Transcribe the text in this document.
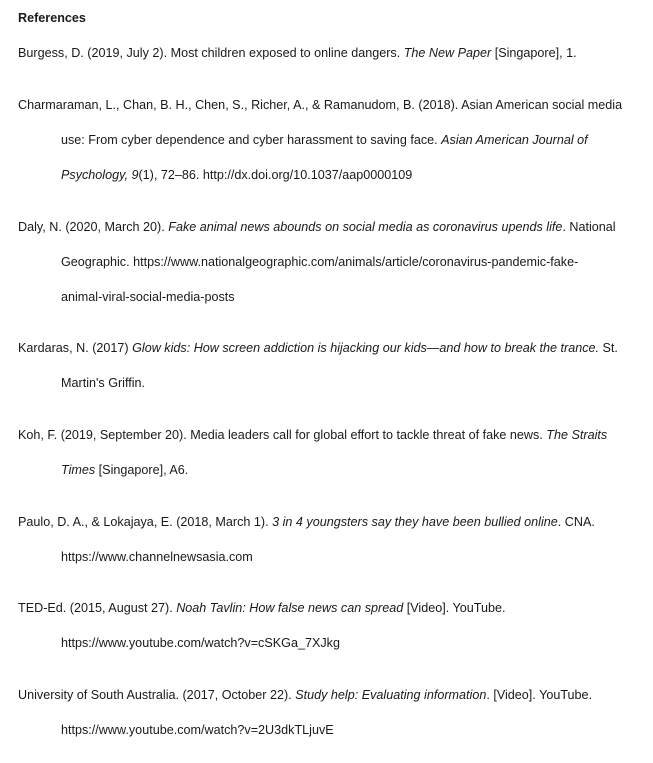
References
Burgess, D. (2019, July 2). Most children exposed to online dangers. The New Paper [Singapore], 1.
Charmaraman, L., Chan, B. H., Chen, S., Richer, A., & Ramanudom, B. (2018). Asian American social media
use: From cyber dependence and cyber harassment to saving face. Asian American Journal of
Psychology, 9(1), 72–86. http://dx.doi.org/10.1037/aap0000109
Daly, N. (2020, March 20). Fake animal news abounds on social media as coronavirus upends life. National
Geographic. https://www.nationalgeographic.com/animals/article/coronavirus-pandemic-fake-
animal-viral-social-media-posts
Kardaras, N. (2017) Glow kids: How screen addiction is hijacking our kids—and how to break the trance. St.
Martin's Griffin.
Koh, F. (2019, September 20). Media leaders call for global effort to tackle threat of fake news. The Straits
Times [Singapore], A6.
Paulo, D. A., & Lokajaya, E. (2018, March 1). 3 in 4 youngsters say they have been bullied online. CNA.
https://www.channelnewsasia.com
TED-Ed. (2015, August 27). Noah Tavlin: How false news can spread [Video]. YouTube.
https://www.youtube.com/watch?v=cSKGa_7XJkg
University of South Australia. (2017, October 22). Study help: Evaluating information. [Video]. YouTube.
https://www.youtube.com/watch?v=2U3dkTLjuvE
